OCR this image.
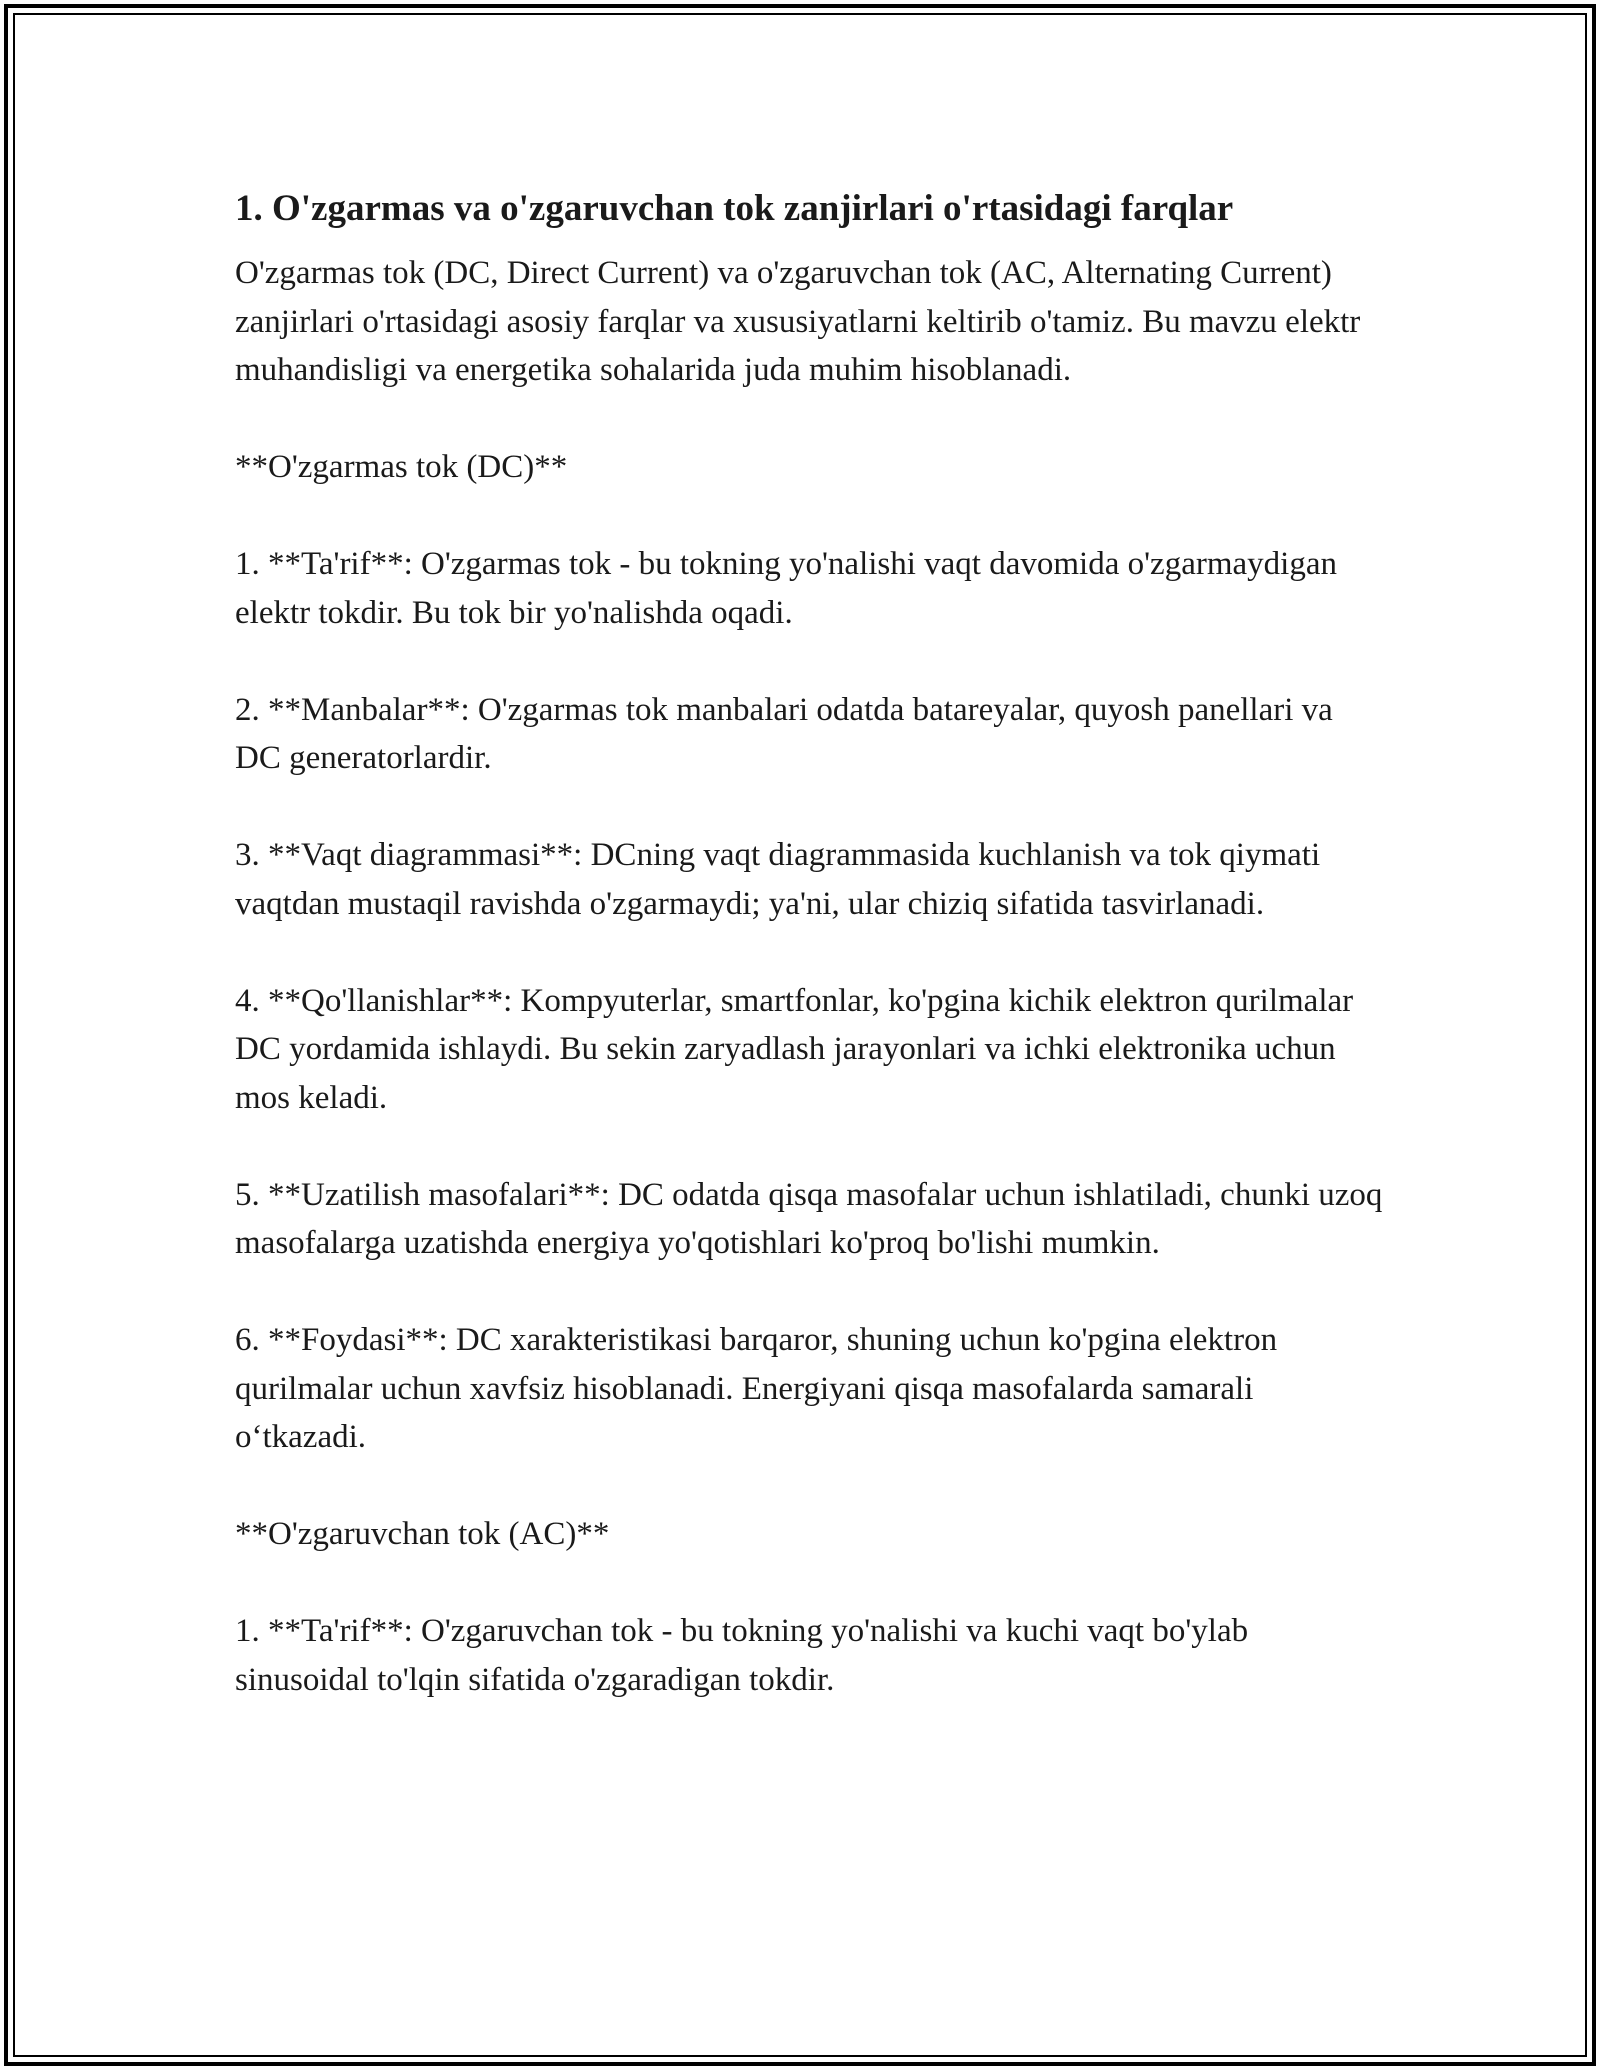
1. O'zgarmas va o'zgaruvchan tok zanjirlari o'rtasidagi farqlar

O'zgarmas tok (DC, Direct Current) va o'zgaruvchan tok (AC, Alternating Current) zanjirlari o'rtasidagi asosiy farqlar va xususiyatlarni keltirib o'tamiz. Bu mavzu elektr muhandisligi va energetika sohalarida juda muhim hisoblanadi.

**O'zgarmas tok (DC)**

1. **Ta'rif**: O'zgarmas tok - bu tokning yo'nalishi vaqt davomida o'zgarmaydigan elektr tokdir. Bu tok bir yo'nalishda oqadi.

2. **Manbalar**: O'zgarmas tok manbalari odatda batareyalar, quyosh panellari va DC generatorlardir.

3. **Vaqt diagrammasi**: DCning vaqt diagrammasida kuchlanish va tok qiymati vaqtdan mustaqil ravishda o'zgarmaydi; ya'ni, ular chiziq sifatida tasvirlanadi.

4. **Qo'llanishlar**: Kompyuterlar, smartfonlar, ko'pgina kichik elektron qurilmalar DC yordamida ishlaydi. Bu sekin zaryadlash jarayonlari va ichki elektronika uchun mos keladi.

5. **Uzatilish masofalari**: DC odatda qisqa masofalar uchun ishlatiladi, chunki uzoq masofalarga uzatishda energiya yo'qotishlari ko'proq bo'lishi mumkin.

6. **Foydasi**: DC xarakteristikasi barqaror, shuning uchun ko'pgina elektron qurilmalar uchun xavfsiz hisoblanadi. Energiyani qisqa masofalarda samarali o‘tkazadi.

**O'zgaruvchan tok (AC)**

1. **Ta'rif**: O'zgaruvchan tok - bu tokning yo'nalishi va kuchi vaqt bo'ylab sinusoidal to'lqin sifatida o'zgaradigan tokdir.
